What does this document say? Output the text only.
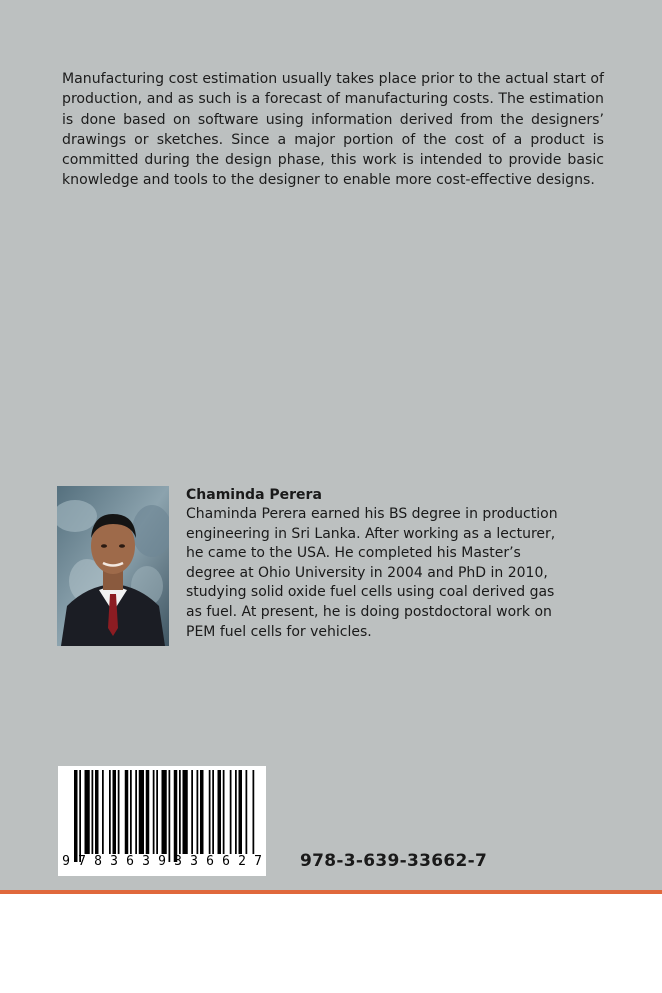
Manufacturing cost estimation usually takes place prior to the actual start of production, and as such is a forecast of manufacturing costs. The estimation is done based on software using information derived from the designers’ drawings or sketches. Since a major portion of the cost of a product is committed during the design phase, this work is intended to provide basic knowledge and tools to the designer to enable more cost-effective designs.

Chaminda Perera

Chaminda Perera earned his BS degree in production engineering in Sri Lanka. After working as a lecturer, he came to the USA. He completed his Master’s degree at Ohio University in 2004 and PhD in 2010, studying solid oxide fuel cells using coal derived gas as fuel. At present, he is doing postdoctoral work on PEM fuel cells for vehicles.

9 7 8 3 6 3 9 3 3 6 6 2 7 978-3-639-33662-7
